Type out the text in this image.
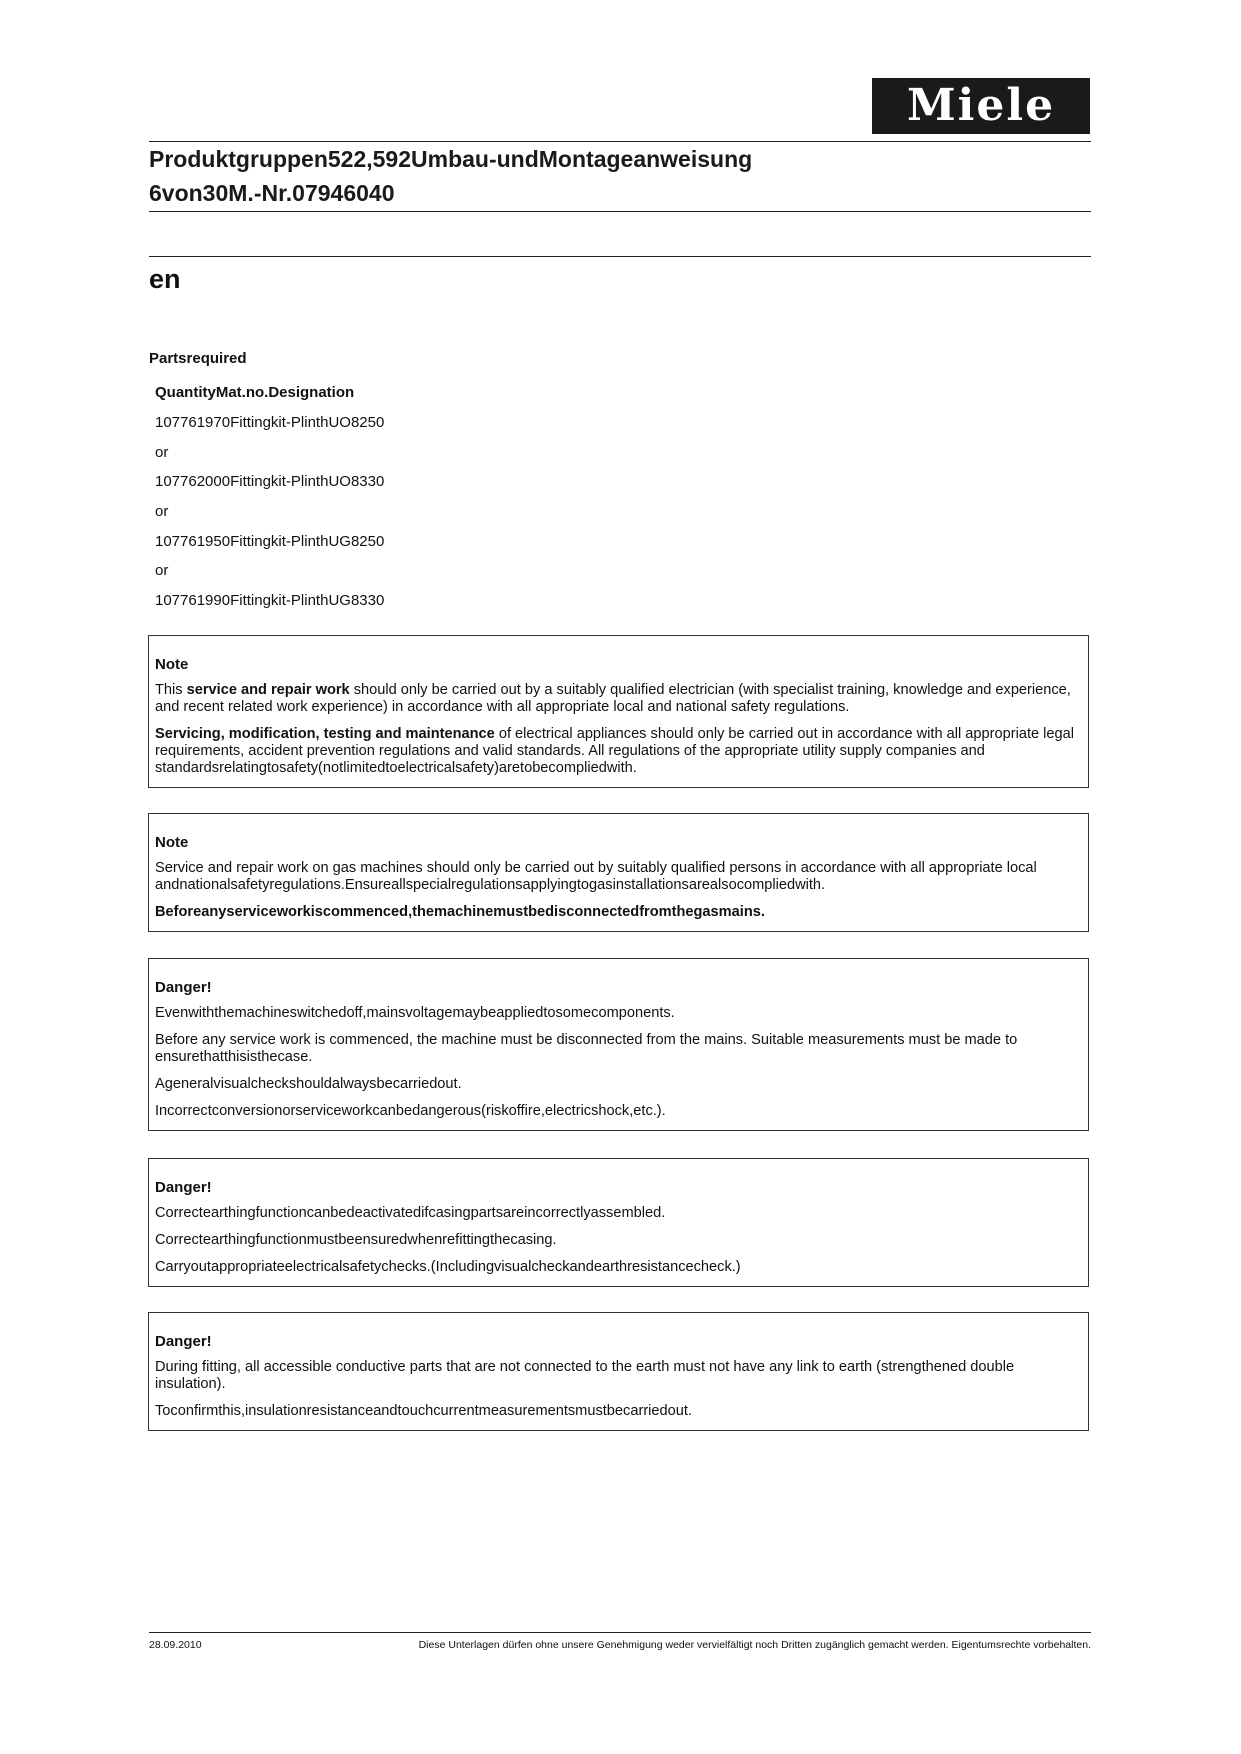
Miele
Produktgruppen522,592Umbau-undMontageanweisung
6von30M.-Nr.07946040
en
Partsrequired
QuantityMat.no.Designation
107761970Fittingkit-PlinthUO8250
or
107762000Fittingkit-PlinthUO8330
or
107761950Fittingkit-PlinthUG8250
or
107761990Fittingkit-PlinthUG8330
Note

This service and repair work should only be carried out by a suitably qualified electrician (with specialist training, knowledge and experience, and recent related work experience) in accordance with all appropriate local and national safety regulations.

Servicing, modification, testing and maintenance of electrical appliances should only be carried out in accordance with all appropriate legal requirements, accident prevention regulations and valid standards. All regulations of the appropriate utility supply companies and standardsrelatingtosafety(notlimitedtoelectricalsafety)aretobecompliedwith.

Note

Service and repair work on gas machines should only be carried out by suitably qualified persons in accordance with all appropriate local andnationalsafetyregulations.Ensureallspecialregulationsapplyingtogasinstallationsarealsocompliedwith.

Beforeanyserviceworkiscommenced,themachinemustbedisconnectedfromthegasmains.

Danger!

Evenwiththemachineswitchedoff,mainsvoltagemaybeappliedtosomecomponents.

Before any service work is commenced, the machine must be disconnected from the mains. Suitable measurements must be made to ensurethatthisisthecase.

Ageneralvisualcheckshouldalwaysbecarriedout.

Incorrectconversionorserviceworkcanbedangerous(riskoffire,electricshock,etc.).

Danger!

Correctearthingfunctioncanbedeactivatedifcasingpartsareincorrectlyassembled.

Correctearthingfunctionmustbeensuredwhenrefittingthecasing.

Carryoutappropriateelectricalsafetychecks.(Includingvisualcheckandearthresistancecheck.)

Danger!

During fitting, all accessible conductive parts that are not connected to the earth must not have any link to earth (strengthened double insulation).

Toconfirmthis,insulationresistanceandtouchcurrentmeasurementsmustbecarriedout.

28.09.2010	Diese Unterlagen dürfen ohne unsere Genehmigung weder vervielfältigt noch Dritten zugänglich gemacht werden. Eigentumsrechte vorbehalten.
